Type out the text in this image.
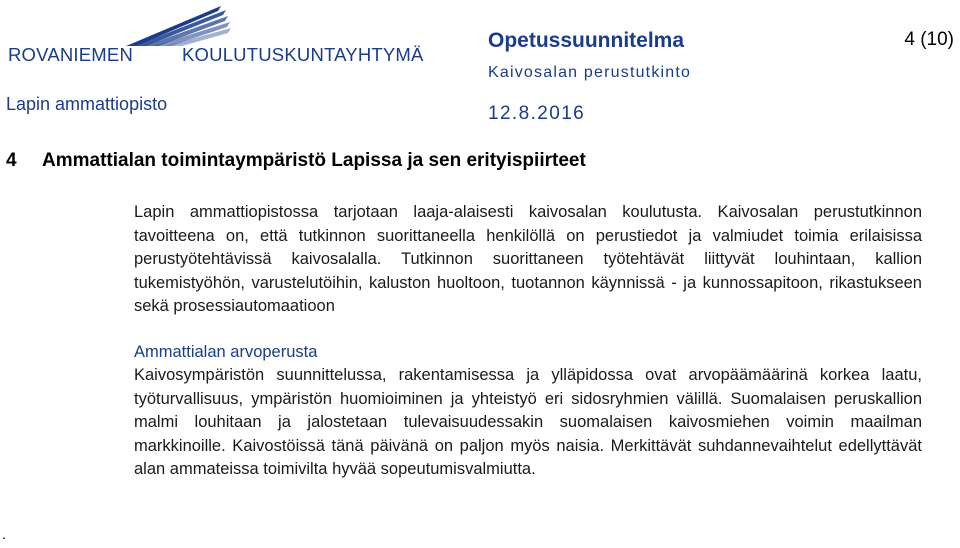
ROVANIEMEN	KOULUTUSKUNTAYHTYMÄ
Lapin ammattiopisto
Opetussuunnitelma
Kaivosalan perustutkinto
12.8.2016
4 (10)
4 Ammattialan toimintaympäristö Lapissa ja sen erityispiirteet
Lapin ammattiopistossa tarjotaan laaja-alaisesti kaivosalan koulutusta. Kaivosalan perustutkinnon tavoitteena on, että tutkinnon suorittaneella henkilöllä on perustiedot ja valmiudet toimia erilaisissa perustyötehtävissä kaivosalalla. Tutkinnon suorittaneen työtehtävät liittyvät louhintaan, kallion tukemistyöhön, varustelutöihin, kaluston huoltoon, tuotannon käynnissä - ja kunnossapitoon, rikastukseen sekä prosessiautomaatioon
Ammattialan arvoperusta
Kaivosympäristön suunnittelussa, rakentamisessa ja ylläpidossa ovat arvopäämäärinä korkea laatu, työturvallisuus, ympäristön huomioiminen ja yhteistyö eri sidosryhmien välillä. Suomalaisen peruskallion malmi louhitaan ja jalostetaan tulevaisuudessakin suomalaisen kaivosmiehen voimin maailman markkinoille. Kaivostöissä tänä päivänä on paljon myös naisia. Merkittävät suhdannevaihtelut edellyttävät alan ammateissa toimivilta hyvää sopeutumisvalmiutta.
.
